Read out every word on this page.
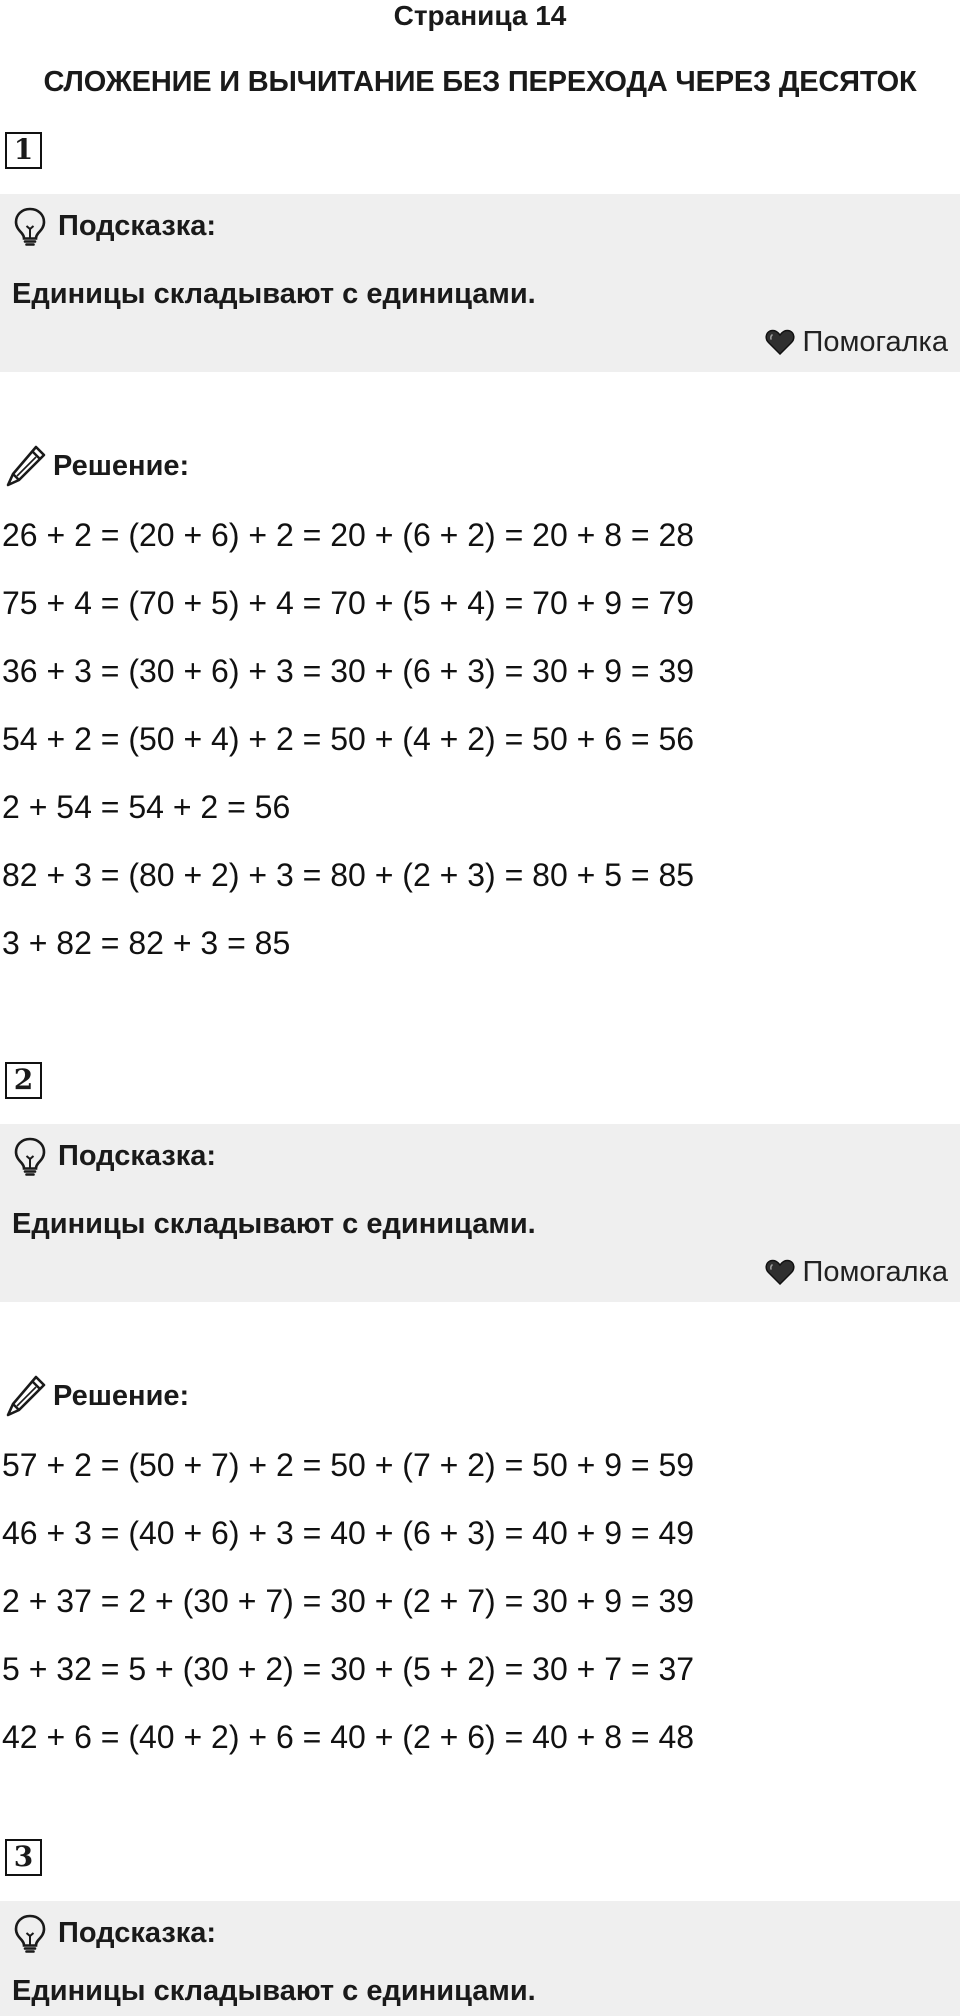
Страница 14
СЛОЖЕНИЕ И ВЫЧИТАНИЕ БЕЗ ПЕРЕХОДА ЧЕРЕЗ ДЕСЯТОК
1
Подсказка:
Единицы складывают с единицами.
Помогалка
Решение:
26 + 2 = (20 + 6) + 2 = 20 + (6 + 2) = 20 + 8 = 28
75 + 4 = (70 + 5) + 4 = 70 + (5 + 4) = 70 + 9 = 79
36 + 3 = (30 + 6) + 3 = 30 + (6 + 3) = 30 + 9 = 39
54 + 2 = (50 + 4) + 2 = 50 + (4 + 2) = 50 + 6 = 56
2 + 54 = 54 + 2 = 56
82 + 3 = (80 + 2) + 3 = 80 + (2 + 3) = 80 + 5 = 85
3 + 82 = 82 + 3 = 85
2
Подсказка:
Единицы складывают с единицами.
Помогалка
Решение:
57 + 2 = (50 + 7) + 2 = 50 + (7 + 2) = 50 + 9 = 59
46 + 3 = (40 + 6) + 3 = 40 + (6 + 3) = 40 + 9 = 49
2 + 37 = 2 + (30 + 7) = 30 + (2 + 7) = 30 + 9 = 39
5 + 32 = 5 + (30 + 2) = 30 + (5 + 2) = 30 + 7 = 37
42 + 6 = (40 + 2) + 6 = 40 + (2 + 6) = 40 + 8 = 48
3
Подсказка:
Единицы складывают с единицами.
